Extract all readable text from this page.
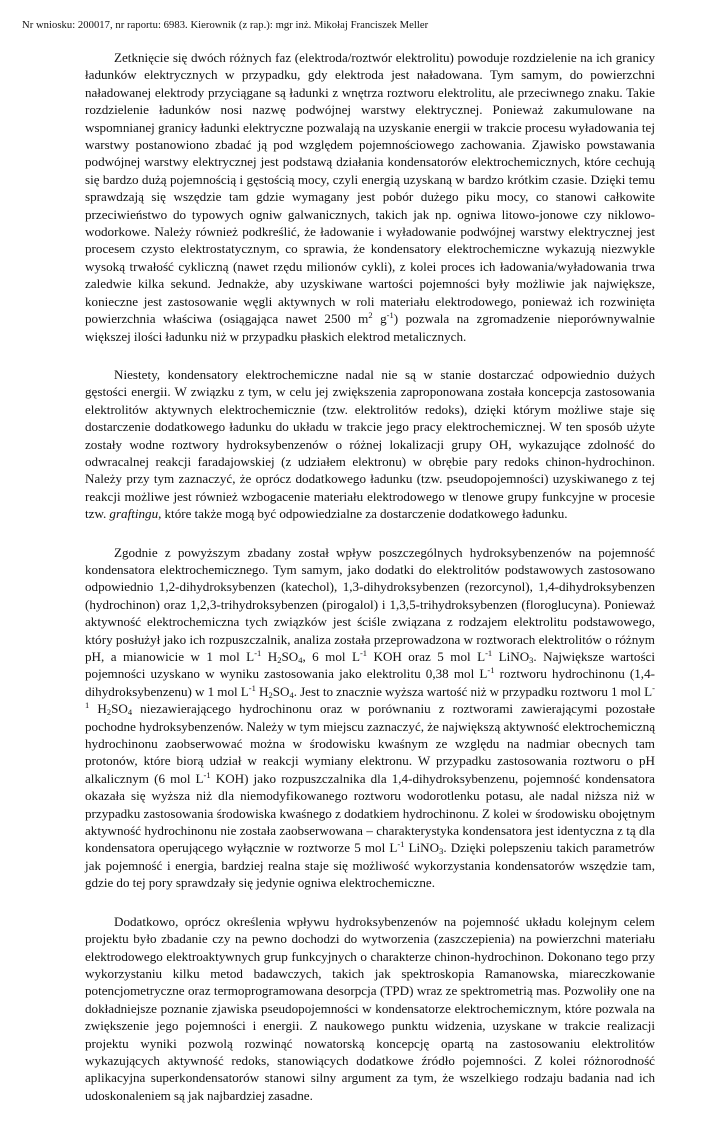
Nr wniosku: 200017, nr raportu: 6983. Kierownik (z rap.): mgr inż. Mikołaj Franciszek Meller

Zetknięcie się dwóch różnych faz (elektroda/roztwór elektrolitu) powoduje rozdzielenie na ich granicy ładunków elektrycznych w przypadku, gdy elektroda jest naładowana. Tym samym, do powierzchni naładowanej elektrody przyciągane są ładunki z wnętrza roztworu elektrolitu, ale przeciwnego znaku. Takie rozdzielenie ładunków nosi nazwę podwójnej warstwy elektrycznej. Ponieważ zakumulowane na wspomnianej granicy ładunki elektryczne pozwalają na uzyskanie energii w trakcie procesu wyładowania tej warstwy postanowiono zbadać ją pod względem pojemnościowego zachowania. Zjawisko powstawania podwójnej warstwy elektrycznej jest podstawą działania kondensatorów elektrochemicznych, które cechują się bardzo dużą pojemnością i gęstością mocy, czyli energią uzyskaną w bardzo krótkim czasie. Dzięki temu sprawdzają się wszędzie tam gdzie wymagany jest pobór dużego piku mocy, co stanowi całkowite przeciwieństwo do typowych ogniw galwanicznych, takich jak np. ogniwa litowo-jonowe czy niklowo-wodorkowe. Należy również podkreślić, że ładowanie i wyładowanie podwójnej warstwy elektrycznej jest procesem czysto elektrostatycznym, co sprawia, że kondensatory elektrochemiczne wykazują niezwykle wysoką trwałość cykliczną (nawet rzędu milionów cykli), z kolei proces ich ładowania/wyładowania trwa zaledwie kilka sekund. Jednakże, aby uzyskiwane wartości pojemności były możliwie jak największe, konieczne jest zastosowanie węgli aktywnych w roli materiału elektrodowego, ponieważ ich rozwinięta powierzchnia właściwa (osiągająca nawet 2500 $m^2$ $g^{-1}$) pozwala na zgromadzenie nieporównywalnie większej ilości ładunku niż w przypadku płaskich elektrod metalicznych.

Niestety, kondensatory elektrochemiczne nadal nie są w stanie dostarczać odpowiednio dużych gęstości energii. W związku z tym, w celu jej zwiększenia zaproponowana została koncepcja zastosowania elektrolitów aktywnych elektrochemicznie (tzw. elektrolitów redoks), dzięki którym możliwe staje się dostarczenie dodatkowego ładunku do układu w trakcie jego pracy elektrochemicznej. W ten sposób użyte zostały wodne roztwory hydroksybenzenów o różnej lokalizacji grupy OH, wykazujące zdolność do odwracalnej reakcji faradajowskiej (z udziałem elektronu) w obrębie pary redoks chinon-hydrochinon. Należy przy tym zaznaczyć, że oprócz dodatkowego ładunku (tzw. pseudopojemności) uzyskiwanego z tej reakcji możliwe jest również wzbogacenie materiału elektrodowego w tlenowe grupy funkcyjne w procesie tzw. graftingu, które także mogą być odpowiedzialne za dostarczenie dodatkowego ładunku.

Zgodnie z powyższym zbadany został wpływ poszczególnych hydroksybenzenów na pojemność kondensatora elektrochemicznego. Tym samym, jako dodatki do elektrolitów podstawowych zastosowano odpowiednio 1,2-dihydroksybenzen (katechol), 1,3-dihydroksybenzen (rezorcynol), 1,4-dihydroksybenzen (hydrochinon) oraz 1,2,3-trihydroksybenzen (pirogalol) i 1,3,5-trihydroksybenzen (floroglucyna). Ponieważ aktywność elektrochemiczna tych związków jest ściśle związana z rodzajem elektrolitu podstawowego, który posłużył jako ich rozpuszczalnik, analiza została przeprowadzona w roztworach elektrolitów o różnym pH, a mianowicie w 1 mol $L^{-1}$ $H_2SO_4$, 6 mol $L^{-1}$ KOH oraz 5 mol $L^{-1}$ LiNO$_3$. Największe wartości pojemności uzyskano w wyniku zastosowania jako elektrolitu 0,38 mol $L^{-1}$ roztworu hydrochinonu (1,4-dihydroksybenzenu) w 1 mol $L^{-1}$ $H_2SO_4$. Jest to znacznie wyższa wartość niż w przypadku roztworu 1 mol $L^{-1}$ $H_2SO_4$ niezawierającego hydrochinonu oraz w porównaniu z roztworami zawierającymi pozostałe pochodne hydroksybenzenów. Należy w tym miejscu zaznaczyć, że największą aktywność elektrochemiczną hydrochinonu zaobserwować można w środowisku kwaśnym ze względu na nadmiar obecnych tam protonów, które biorą udział w reakcji wymiany elektronu. W przypadku zastosowania roztworu o pH alkalicznym (6 mol $L^{-1}$ KOH) jako rozpuszczalnika dla 1,4-dihydroksybenzenu, pojemność kondensatora okazała się wyższa niż dla niemodyfikowanego roztworu wodorotlenku potasu, ale nadal niższa niż w przypadku zastosowania środowiska kwaśnego z dodatkiem hydrochinonu. Z kolei w środowisku obojętnym aktywność hydrochinonu nie została zaobserwowana – charakterystyka kondensatora jest identyczna z tą dla kondensatora operującego wyłącznie w roztworze 5 mol $L^{-1}$ LiNO$_3$. Dzięki polepszeniu takich parametrów jak pojemność i energia, bardziej realna staje się możliwość wykorzystania kondensatorów wszędzie tam, gdzie do tej pory sprawdzały się jedynie ogniwa elektrochemiczne.

Dodatkowo, oprócz określenia wpływu hydroksybenzenów na pojemność układu kolejnym celem projektu było zbadanie czy na pewno dochodzi do wytworzenia (zaszczepienia) na powierzchni materiału elektrodowego elektroaktywnych grup funkcyjnych o charakterze chinon-hydrochinon. Dokonano tego przy wykorzystaniu kilku metod badawczych, takich jak spektroskopia Ramanowska, miareczkowanie potencjometryczne oraz termoprogramowana desorpcja (TPD) wraz ze spektrometrią mas. Pozwoliły one na dokładniejsze poznanie zjawiska pseudopojemności w kondensatorze elektrochemicznym, które pozwala na zwiększenie jego pojemności i energii. Z naukowego punktu widzenia, uzyskane w trakcie realizacji projektu wyniki pozwolą rozwinąć nowatorską koncepcję opartą na zastosowaniu elektrolitów wykazujących aktywność redoks, stanowiących dodatkowe źródło pojemności. Z kolei różnorodność aplikacyjna superkondensatorów stanowi silny argument za tym, że wszelkiego rodzaju badania nad ich udoskonaleniem są jak najbardziej zasadne.
